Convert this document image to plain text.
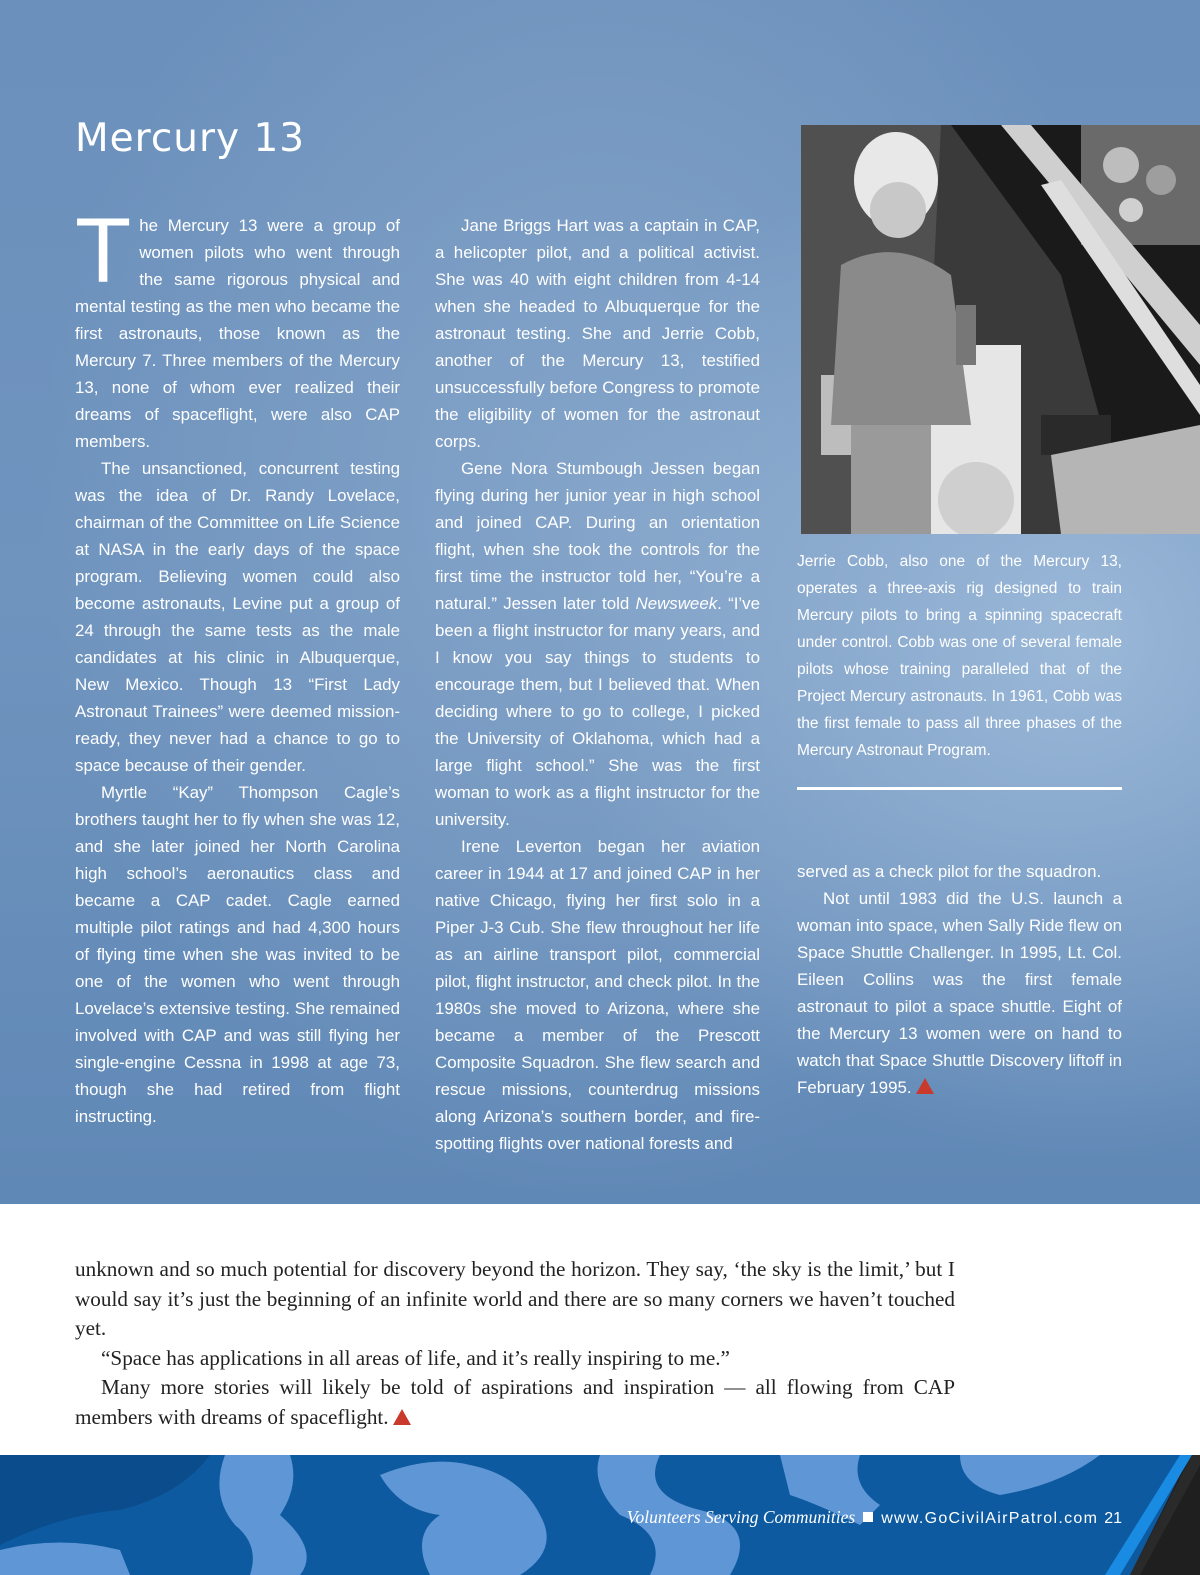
Mercury 13

The Mercury 13 were a group of women pilots who went through the same rigorous physical and mental testing as the men who became the first astronauts, those known as the Mercury 7. Three members of the Mercury 13, none of whom ever realized their dreams of spaceflight, were also CAP members.

The unsanctioned, concurrent testing was the idea of Dr. Randy Lovelace, chairman of the Committee on Life Science at NASA in the early days of the space program. Believing women could also become astronauts, Levine put a group of 24 through the same tests as the male candidates at his clinic in Albuquerque, New Mexico. Though 13 “First Lady Astronaut Trainees” were deemed mission-ready, they never had a chance to go to space because of their gender.

Myrtle “Kay” Thompson Cagle’s brothers taught her to fly when she was 12, and she later joined her North Carolina high school’s aeronautics class and became a CAP cadet. Cagle earned multiple pilot ratings and had 4,300 hours of flying time when she was invited to be one of the women who went through Lovelace’s extensive testing. She remained involved with CAP and was still flying her single-engine Cessna in 1998 at age 73, though she had retired from flight instructing.

Jane Briggs Hart was a captain in CAP, a helicopter pilot, and a political activist. She was 40 with eight children from 4-14 when she headed to Albuquerque for the astronaut testing. She and Jerrie Cobb, another of the Mercury 13, testified unsuccessfully before Congress to promote the eligibility of women for the astronaut corps.

Gene Nora Stumbough Jessen began flying during her junior year in high school and joined CAP. During an orientation flight, when she took the controls for the first time the instructor told her, “You’re a natural.” Jessen later told Newsweek. “I’ve been a flight instructor for many years, and I know you say things to students to encourage them, but I believed that. When deciding where to go to college, I picked the University of Oklahoma, which had a large flight school.” She was the first woman to work as a flight instructor for the university.

Irene Leverton began her aviation career in 1944 at 17 and joined CAP in her native Chicago, flying her first solo in a Piper J-3 Cub. She flew throughout her life as an airline transport pilot, commercial pilot, flight instructor, and check pilot. In the 1980s she moved to Arizona, where she became a member of the Prescott Composite Squadron. She flew search and rescue missions, counterdrug missions along Arizona’s southern border, and fire-spotting flights over national forests and

Jerrie Cobb, also one of the Mercury 13, operates a three-axis rig designed to train Mercury pilots to bring a spinning spacecraft under control. Cobb was one of several female pilots whose training paralleled that of the Project Mercury astronauts. In 1961, Cobb was the first female to pass all three phases of the Mercury Astronaut Program.

served as a check pilot for the squadron.

Not until 1983 did the U.S. launch a woman into space, when Sally Ride flew on Space Shuttle Challenger. In 1995, Lt. Col. Eileen Collins was the first female astronaut to pilot a space shuttle. Eight of the Mercury 13 women were on hand to watch that Space Shuttle Discovery liftoff in February 1995.

unknown and so much potential for discovery beyond the horizon. They say, ‘the sky is the limit,’ but I would say it’s just the beginning of an infinite world and there are so many corners we haven’t touched yet.

“Space has applications in all areas of life, and it’s really inspiring to me.”

Many more stories will likely be told of aspirations and inspiration — all flowing from CAP members with dreams of spaceflight.

Volunteers Serving Communities www.GoCivilAirPatrol.com 21
